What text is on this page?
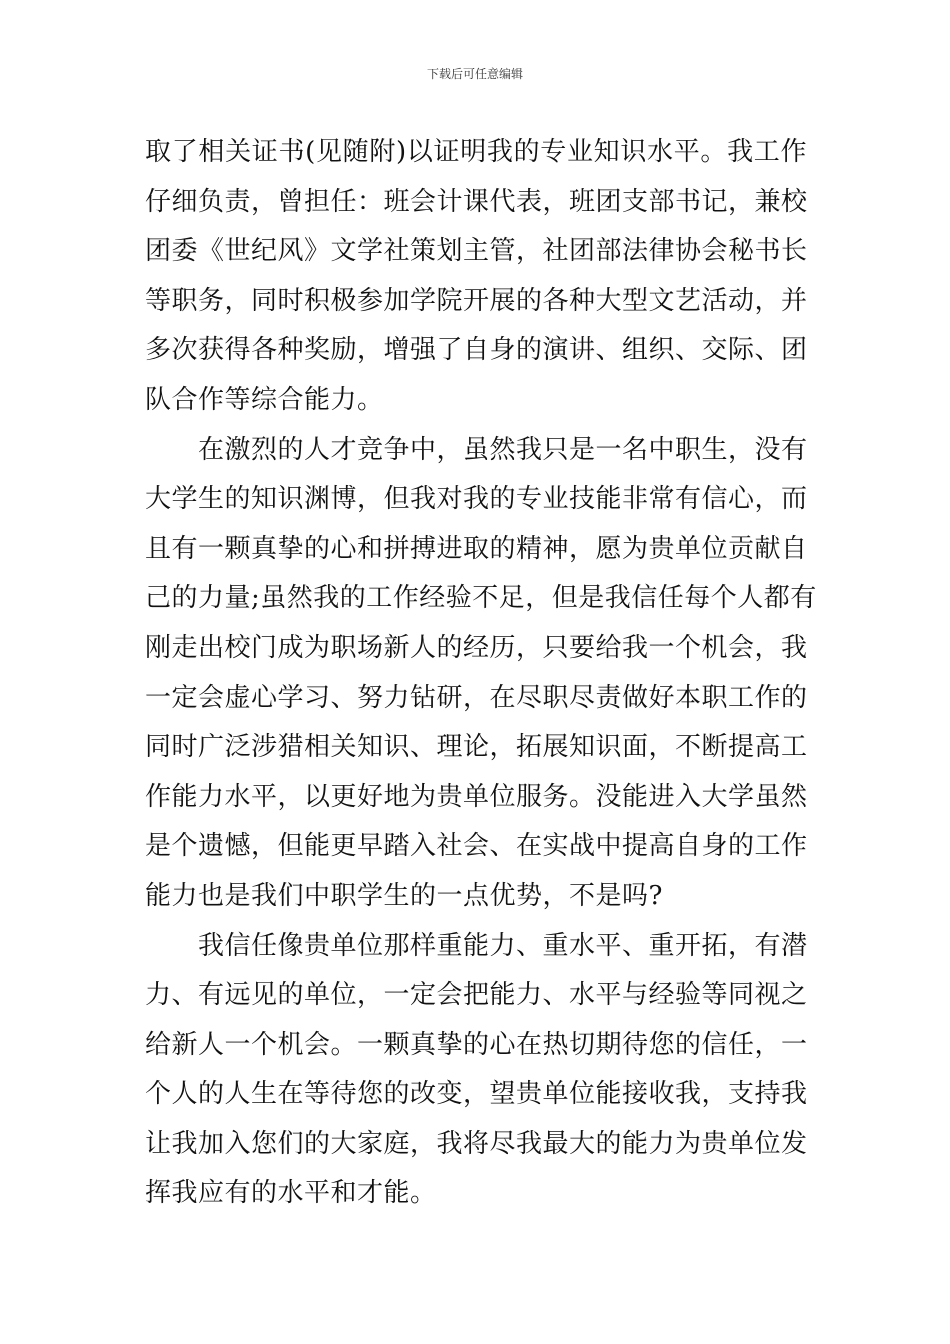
下载后可任意编辑
取了相关证书(见随附)以证明我的专业知识水平。我工作
仔细负责，曾担任：班会计课代表，班团支部书记，兼校
团委《世纪风》文学社策划主管，社团部法律协会秘书长
等职务，同时积极参加学院开展的各种大型文艺活动，并
多次获得各种奖励，增强了自身的演讲、组织、交际、团
队合作等综合能力。
在激烈的人才竞争中，虽然我只是一名中职生，没有
大学生的知识渊博，但我对我的专业技能非常有信心，而
且有一颗真挚的心和拼搏进取的精神，愿为贵单位贡献自
己的力量;虽然我的工作经验不足，但是我信任每个人都有
刚走出校门成为职场新人的经历，只要给我一个机会，我
一定会虚心学习、努力钻研，在尽职尽责做好本职工作的
同时广泛涉猎相关知识、理论，拓展知识面，不断提高工
作能力水平，以更好地为贵单位服务。没能进入大学虽然
是个遗憾，但能更早踏入社会、在实战中提高自身的工作
能力也是我们中职学生的一点优势，不是吗?
我信任像贵单位那样重能力、重水平、重开拓，有潜
力、有远见的单位，一定会把能力、水平与经验等同视之
给新人一个机会。一颗真挚的心在热切期待您的信任，一
个人的人生在等待您的改变，望贵单位能接收我，支持我
让我加入您们的大家庭，我将尽我最大的能力为贵单位发
挥我应有的水平和才能。
